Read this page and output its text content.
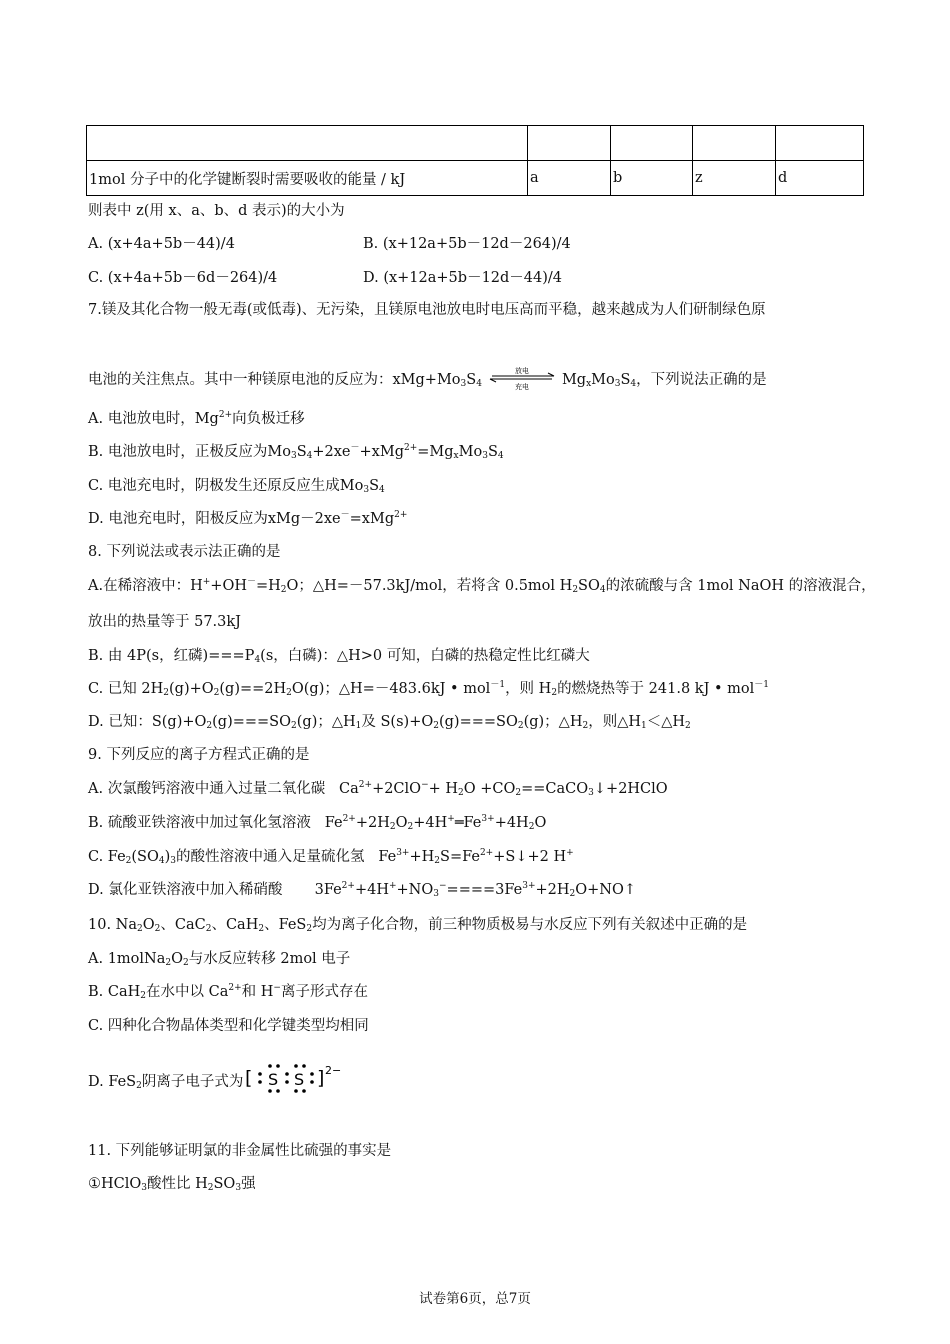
1mol 分子中的化学键断裂时需要吸收的能量 / kJ	a	b	z	d
则表中 z(用 x、a、b、d 表示)的大小为
A. (x+4a+5b－44)/4	B. (x+12a+5b－12d－264)/4
C. (x+4a+5b－6d－264)/4	D. (x+12a+5b－12d－44)/4
7.镁及其化合物一般无毒(或低毒)、无污染，且镁原电池放电时电压高而平稳，越来越成为人们研制绿色原
电池的关注焦点。其中一种镁原电池的反应为：$xMg+Mo_3S_4$
放电
充电 $Mg_xMo_3S_4$，下列说法正确的是
A. 电池放电时，$Mg^{2+}$向负极迁移
B. 电池放电时，正极反应为$Mo_3S_4+2xe^-+xMg^{2+}=Mg_xMo_3S_4$
C. 电池充电时，阴极发生还原反应生成$Mo_3S_4$
D. 电池充电时，阳极反应为xMg－2xe－=xMg$^{2+}$
8. 下列说法或表示法正确的是
A.在稀溶液中：$H^++OH^-=H_2O$；△H=－57.3kJ/mol，若将含 0.5mol $H_2SO_4$的浓硫酸与含 1mol NaOH 的溶液混合，
放出的热量等于 57.3kJ
B. 由 4P(s，红磷)$===P_4(s$，白磷)：△H>0 可知，白磷的热稳定性比红磷大
C. 已知 $2H_2(g)+O_2(g)==2H_2O(g)$；△H=－483.6kJ • mol$^{-1}$，则 $H_2$的燃烧热等于 241.8 kJ • mol$^{-1}$
D. 已知：$S(g)+O_2(g)===SO_2(g)$；$\triangle H_1$及 $S(s)+O_2(g)===SO_2(g)$；$\triangle H_2$，则$\triangle H_1<\triangle H_2$
9. 下列反应的离子方程式正确的是
A. 次氯酸钙溶液中通入过量二氧化碳   $Ca^{2+}+2ClO^-+ H_2O$ $+CO_2==CaCO_3↓+2HClO$
B. 硫酸亚铁溶液中加过氧化氢溶液   $Fe^{2+}+2H_2O_2+4H^+═Fe^{3+}+4H_2O$
C. $Fe_2(SO_4)_3$的酸性溶液中通入足量硫化氢   $Fe^{3+}+H_2S=Fe^{2+}+S↓+2$ H+
D. 氯化亚铁溶液中加入稀硝酸       $3Fe^{2+}+4H^++NO_3^-====3Fe^{3+}+2H_2O+NO↑$
10. $Na_2O_2$、CaC$_2$、CaH$_2$、FeS$_2$均为离子化合物，前三种物质极易与水反应下列有关叙述中正确的是
A. $1molNa_2O_2$与水反应转移 2mol 电子
B. CaH$_2$在水中以 $Ca^{2+}$和 H−离子形式存在
C. 四种化合物晶体类型和化学键类型均相同
D. FeS$_2$阴离子电子式为 [ S S ] 2−
11. 下列能够证明氯的非金属性比硫强的事实是
①HClO$_3$酸性比 $H_2SO_3$强
试卷第6页，总7页
